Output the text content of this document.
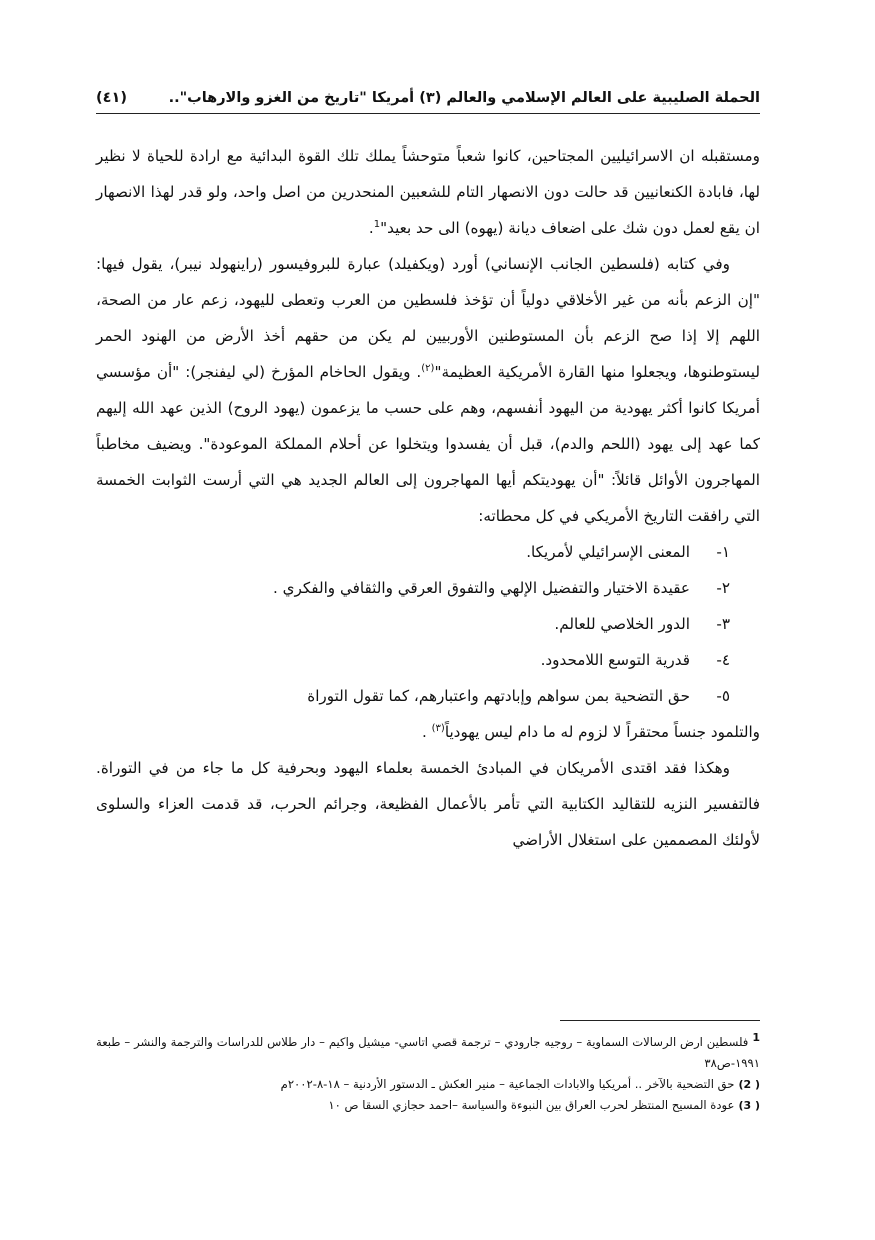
الحملة الصليبية على العالم الإسلامي والعالم (٣) أمريكا "تاريخ من الغزو والارهاب"..
(٤١)

ومستقبله ان الاسرائيليين المجتاحين، كانوا شعباً متوحشاً يملك تلك القوة البدائية مع ارادة للحياة لا نظير لها، فابادة الكنعانيين قد حالت دون الانصهار التام للشعبين المنحدرين من اصل واحد، ولو قدر لهذا الانصهار ان يقع لعمل دون شك على اضعاف ديانة (يهوه) الى حد بعيد"$^1$.

وفي كتابه (فلسطين الجانب الإنساني) أورد (ويكفيلد) عبارة للبروفيسور (راينهولد نيبر)، يقول فيها: "إن الزعم بأنه من غير الأخلاقي دولياً أن تؤخذ فلسطين من العرب وتعطى لليهود، زعم عار من الصحة، اللهم إلا إذا صح الزعم بأن المستوطنين الأوربيين لم يكن من حقهم أخذ الأرض من الهنود الحمر ليستوطنوها، ويجعلوا منها القارة الأمريكية العظيمة"$^{(٢)}$. ويقول الحاخام المؤرخ (لي ليفنجر): "أن مؤسسي أمريكا كانوا أكثر يهودية من اليهود أنفسهم، وهم على حسب ما يزعمون (يهود الروح) الذين عهد الله إليهم كما عهد إلى يهود (اللحم والدم)، قبل أن يفسدوا ويتخلوا عن أحلام المملكة الموعودة". ويضيف مخاطباً المهاجرون الأوائل قائلاً: "أن يهوديتكم أيها المهاجرون إلى العالم الجديد هي التي أرست الثوابت الخمسة التي رافقت التاريخ الأمريكي في كل محطاته:

١-
المعنى الإسرائيلي لأمريكا.
٢-
عقيدة الاختيار والتفضيل الإلهي والتفوق العرقي والثقافي والفكري .
٣-
الدور الخلاصي للعالم.
٤-
قدرية التوسع اللامحدود.
٥-
حق التضحية بمن سواهم وإبادتهم واعتبارهم، كما تقول التوراة

والتلمود جنساً محتقراً لا لزوم له ما دام ليس يهودياً$^{(٣)}$ .

وهكذا فقد اقتدى الأمريكان في المبادئ الخمسة بعلماء اليهود وبحرفية كل ما جاء من في التوراة. فالتفسير النزيه للتقاليد الكتابية التي تأمر بالأعمال الفظيعة، وجرائم الحرب، قد قدمت العزاء والسلوى لأولئك المصممين على استغلال الأراضي

$^1$فلسطين ارض الرسالات السماوية – روجيه جارودي – ترجمة قصي اتاسي- ميشيل واكيم – دار طلاس للدراسات والترجمة والنشر – طبعة ١٩٩١-ص٣٨

( 2)حق التضحية بالآخر .. أمريكيا والابادات الجماعية – منير العكش ـ الدستور الأردنية – ١٨-٨-٢٠٠٢م

( 3)عودة المسيح المنتظر لحرب العراق بين النبوءة والسياسة –احمد حجازي السقا ص ١٠
